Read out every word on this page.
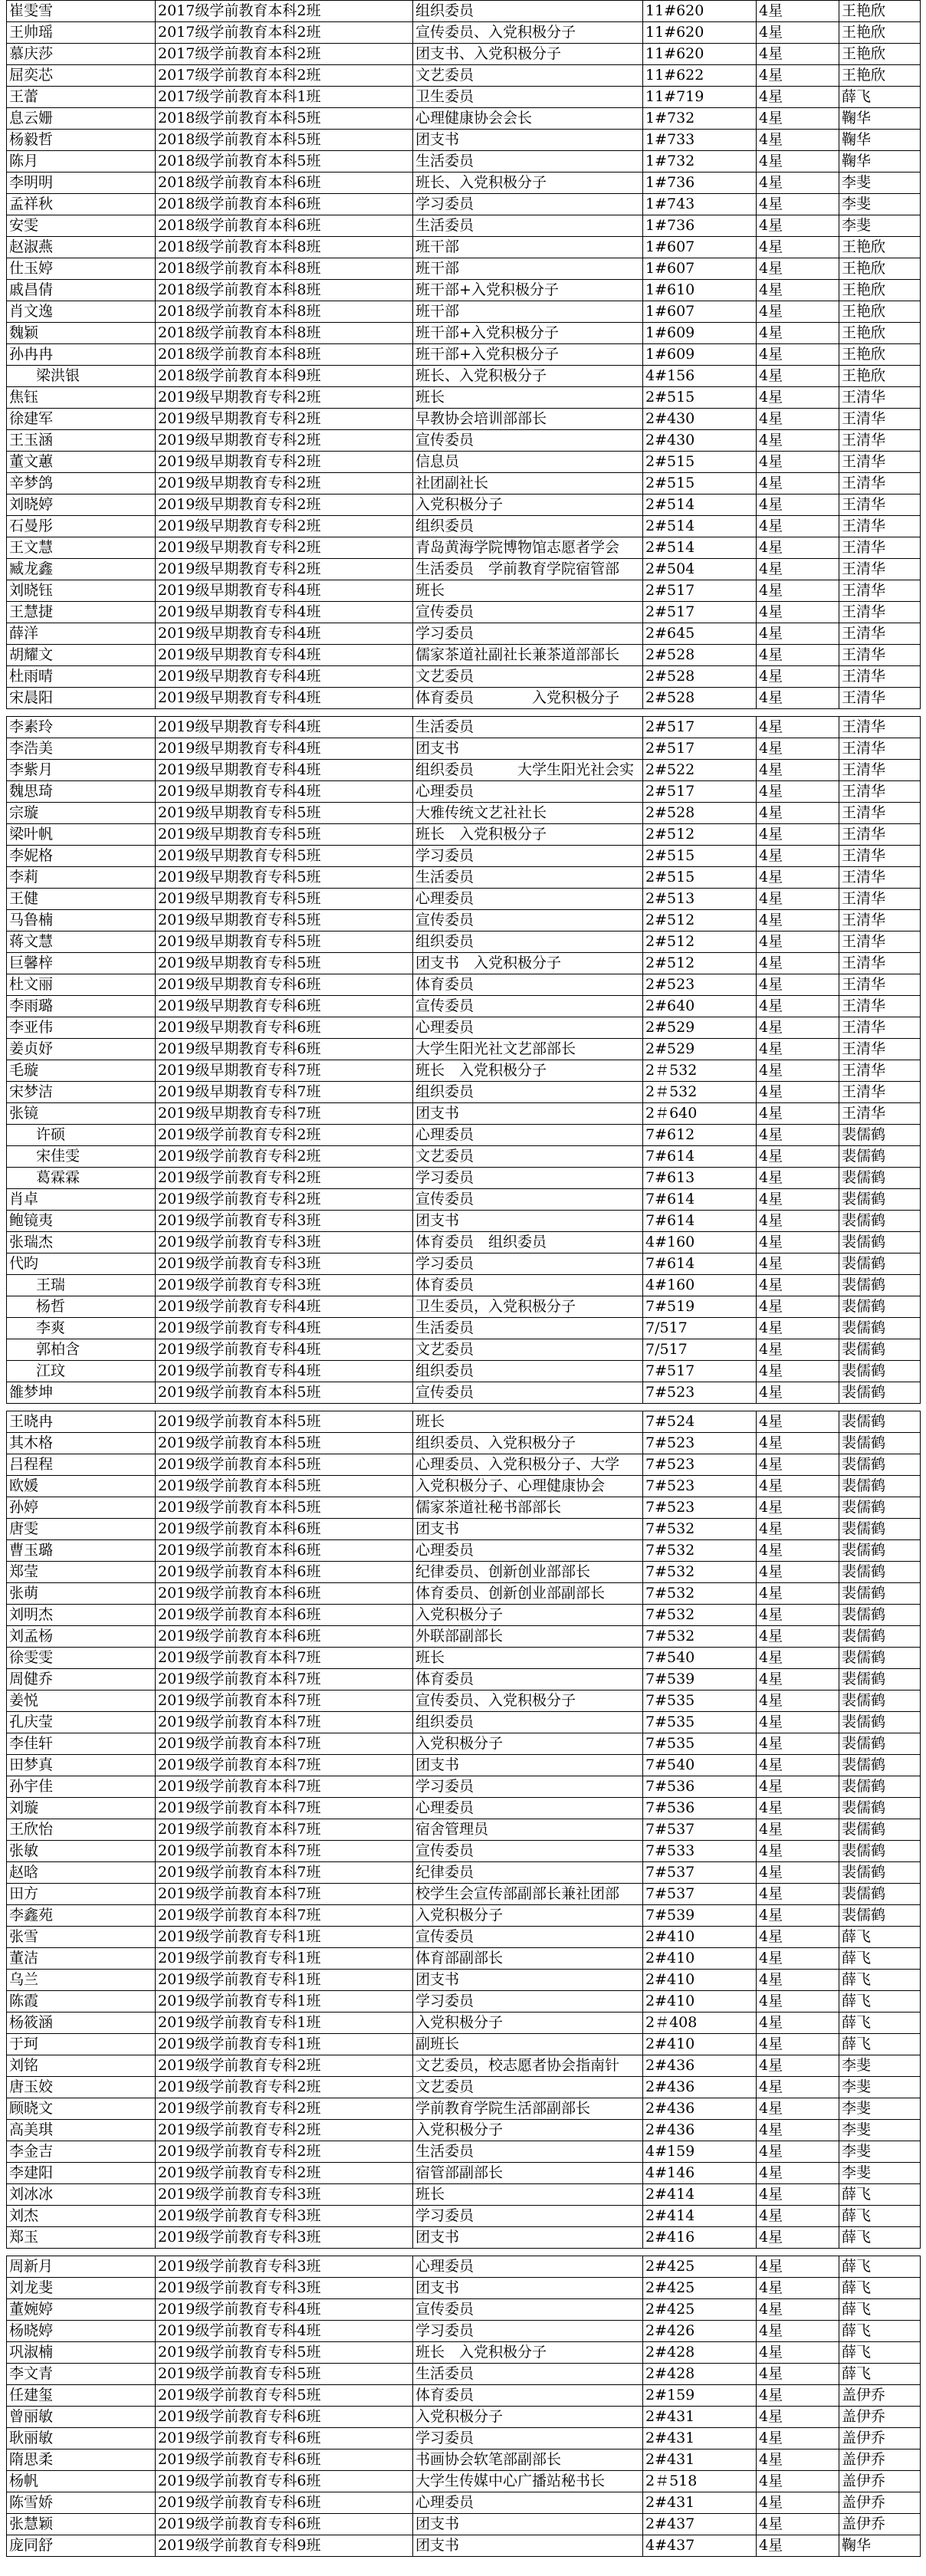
崔雯雪	2017级学前教育本科2班	组织委员	11#620	4星	王艳欣
王帅瑶	2017级学前教育本科2班	宣传委员、入党积极分子	11#620	4星	王艳欣
慕庆莎	2017级学前教育本科2班	团支书、入党积极分子	11#620	4星	王艳欣
屈奕芯	2017级学前教育本科2班	文艺委员	11#622	4星	王艳欣
王蕾	2017级学前教育本科1班	卫生委员	11#719	4星	薛飞
息云姗	2018级学前教育本科5班	心理健康协会会长	1#732	4星	鞠华
杨毅哲	2018级学前教育本科5班	团支书	1#733	4星	鞠华
陈月	2018级学前教育本科5班	生活委员	1#732	4星	鞠华
李明明	2018级学前教育本科6班	班长、入党积极分子	1#736	4星	李斐
孟祥秋	2018级学前教育本科6班	学习委员	1#743	4星	李斐
安雯	2018级学前教育本科6班	生活委员	1#736	4星	李斐
赵淑燕	2018级学前教育本科8班	班干部	1#607	4星	王艳欣
仕玉婷	2018级学前教育本科8班	班干部	1#607	4星	王艳欣
戚昌倩	2018级学前教育本科8班	班干部+入党积极分子	1#610	4星	王艳欣
肖文逸	2018级学前教育本科8班	班干部	1#607	4星	王艳欣
魏颖	2018级学前教育本科8班	班干部+入党积极分子	1#609	4星	王艳欣
孙冉冉	2018级学前教育本科8班	班干部+入党积极分子	1#609	4星	王艳欣
梁洪银	2018级学前教育本科9班	班长、入党积极分子	4#156	4星	王艳欣
焦钰	2019级早期教育专科2班	班长	2#515	4星	王清华
徐建军	2019级早期教育专科2班	早教协会培训部部长	2#430	4星	王清华
王玉涵	2019级早期教育专科2班	宣传委员	2#430	4星	王清华
董文蕙	2019级早期教育专科2班	信息员	2#515	4星	王清华
辛梦鸽	2019级早期教育专科2班	社团副社长	2#515	4星	王清华
刘晓婷	2019级早期教育专科2班	入党积极分子	2#514	4星	王清华
石曼彤	2019级早期教育专科2班	组织委员	2#514	4星	王清华
王文慧	2019级早期教育专科2班	青岛黄海学院博物馆志愿者学会	2#514	4星	王清华
臧龙鑫	2019级早期教育专科2班	生活委员　学前教育学院宿管部	2#504	4星	王清华
刘晓钰	2019级早期教育专科4班	班长	2#517	4星	王清华
王慧捷	2019级早期教育专科4班	宣传委员	2#517	4星	王清华
薛洋	2019级早期教育专科4班	学习委员	2#645	4星	王清华
胡耀文	2019级早期教育专科4班	儒家茶道社副社长兼茶道部部长	2#528	4星	王清华
杜雨晴	2019级早期教育专科4班	文艺委员	2#528	4星	王清华
宋晨阳	2019级早期教育专科4班	体育委员　　　　入党积极分子	2#528	4星	王清华

李素玲	2019级早期教育专科4班	生活委员	2#517	4星	王清华
李浩美	2019级早期教育专科4班	团支书	2#517	4星	王清华
李紫月	2019级早期教育专科4班	组织委员　　　大学生阳光社会实	2#522	4星	王清华
魏思琦	2019级早期教育专科4班	心理委员	2#517	4星	王清华
宗璇	2019级早期教育专科5班	大雅传统文艺社社长	2#528	4星	王清华
梁叶帆	2019级早期教育专科5班	班长　入党积极分子	2#512	4星	王清华
李妮格	2019级早期教育专科5班	学习委员	2#515	4星	王清华
李莉	2019级早期教育专科5班	生活委员	2#515	4星	王清华
王健	2019级早期教育专科5班	心理委员	2#513	4星	王清华
马鲁楠	2019级早期教育专科5班	宣传委员	2#512	4星	王清华
蒋文慧	2019级早期教育专科5班	组织委员	2#512	4星	王清华
巨馨梓	2019级早期教育专科5班	团支书　入党积极分子	2#512	4星	王清华
杜文丽	2019级早期教育专科6班	体育委员	2#523	4星	王清华
李雨璐	2019级早期教育专科6班	宣传委员	2#640	4星	王清华
李亚伟	2019级早期教育专科6班	心理委员	2#529	4星	王清华
姜贞妤	2019级早期教育专科6班	大学生阳光社文艺部部长	2#529	4星	王清华
毛璇	2019级早期教育专科7班	班长　入党积极分子	2＃532	4星	王清华
宋梦洁	2019级早期教育专科7班	组织委员	2＃532	4星	王清华
张镜	2019级早期教育专科7班	团支书	2＃640	4星	王清华
许硕	2019级学前教育专科2班	心理委员	7#612	4星	裴儒鹤
宋佳雯	2019级学前教育专科2班	文艺委员	7#614	4星	裴儒鹤
葛霖霖	2019级学前教育专科2班	学习委员	7#613	4星	裴儒鹤
肖卓	2019级学前教育专科2班	宣传委员	7#614	4星	裴儒鹤
鲍镜夷	2019级学前教育专科3班	团支书	7#614	4星	裴儒鹤
张瑞杰	2019级学前教育专科3班	体育委员　组织委员	4#160	4星	裴儒鹤
代昀	2019级学前教育专科3班	学习委员	7#614	4星	裴儒鹤
王瑞	2019级学前教育专科3班	体育委员	4#160	4星	裴儒鹤
杨哲	2019级学前教育专科4班	卫生委员，入党积极分子	7#519	4星	裴儒鹤
李爽	2019级学前教育专科4班	生活委员	7/517	4星	裴儒鹤
郭柏含	2019级学前教育专科4班	文艺委员	7/517	4星	裴儒鹤
江玟	2019级学前教育专科4班	组织委员	7#517	4星	裴儒鹤
雒梦坤	2019级学前教育本科5班	宣传委员	7#523	4星	裴儒鹤

王晓冉	2019级学前教育本科5班	班长	7#524	4星	裴儒鹤
其木格	2019级学前教育本科5班	组织委员、入党积极分子	7#523	4星	裴儒鹤
吕程程	2019级学前教育本科5班	心理委员、入党积极分子、大学	7#523	4星	裴儒鹤
欧媛	2019级学前教育本科5班	入党积极分子、心理健康协会	7#523	4星	裴儒鹤
孙婷	2019级学前教育本科5班	儒家茶道社秘书部部长	7#523	4星	裴儒鹤
唐雯	2019级学前教育本科6班	团支书	7#532	4星	裴儒鹤
曹玉璐	2019级学前教育本科6班	心理委员	7#532	4星	裴儒鹤
郑莹	2019级学前教育本科6班	纪律委员、创新创业部部长	7#532	4星	裴儒鹤
张萌	2019级学前教育本科6班	体育委员、创新创业部副部长	7#532	4星	裴儒鹤
刘明杰	2019级学前教育本科6班	入党积极分子	7#532	4星	裴儒鹤
刘孟杨	2019级学前教育本科6班	外联部副部长	7#532	4星	裴儒鹤
徐雯雯	2019级学前教育本科7班	班长	7#540	4星	裴儒鹤
周健乔	2019级学前教育本科7班	体育委员	7#539	4星	裴儒鹤
姜悦	2019级学前教育本科7班	宣传委员、入党积极分子	7#535	4星	裴儒鹤
孔庆莹	2019级学前教育本科7班	组织委员	7#535	4星	裴儒鹤
李佳轩	2019级学前教育本科7班	入党积极分子	7#535	4星	裴儒鹤
田梦真	2019级学前教育本科7班	团支书	7#540	4星	裴儒鹤
孙宇佳	2019级学前教育本科7班	学习委员	7#536	4星	裴儒鹤
刘璇	2019级学前教育本科7班	心理委员	7#536	4星	裴儒鹤
王欣怡	2019级学前教育本科7班	宿舍管理员	7#537	4星	裴儒鹤
张敏	2019级学前教育本科7班	宣传委员	7#533	4星	裴儒鹤
赵晗	2019级学前教育本科7班	纪律委员	7#537	4星	裴儒鹤
田方	2019级学前教育本科7班	校学生会宣传部副部长兼社团部	7#537	4星	裴儒鹤
李鑫苑	2019级学前教育本科7班	入党积极分子	7#539	4星	裴儒鹤
张雪	2019级学前教育专科1班	宣传委员	2#410	4星	薛飞
董洁	2019级学前教育专科1班	体育部副部长	2#410	4星	薛飞
乌兰	2019级学前教育专科1班	团支书	2#410	4星	薛飞
陈霞	2019级学前教育专科1班	学习委员	2#410	4星	薛飞
杨筱涵	2019级学前教育专科1班	入党积极分子	2＃408	4星	薛飞
于珂	2019级学前教育专科1班	副班长	2#410	4星	薛飞
刘铭	2019级学前教育专科2班	文艺委员，校志愿者协会指南针	2#436	4星	李斐
唐玉姣	2019级学前教育专科2班	文艺委员	2#436	4星	李斐
顾晓文	2019级学前教育专科2班	学前教育学院生活部副部长	2#436	4星	李斐
高美琪	2019级学前教育专科2班	入党积极分子	2#436	4星	李斐
李金吉	2019级学前教育专科2班	生活委员	4#159	4星	李斐
李建阳	2019级学前教育专科2班	宿管部副部长	4#146	4星	李斐
刘冰冰	2019级学前教育专科3班	班长	2#414	4星	薛飞
刘杰	2019级学前教育专科3班	学习委员	2#414	4星	薛飞
郑玉	2019级学前教育专科3班	团支书	2#416	4星	薛飞

周新月	2019级学前教育专科3班	心理委员	2#425	4星	薛飞
刘龙斐	2019级学前教育专科3班	团支书	2#425	4星	薛飞
董婉婷	2019级学前教育专科4班	宣传委员	2#425	4星	薛飞
杨晓婷	2019级学前教育专科4班	学习委员	2#426	4星	薛飞
巩淑楠	2019级学前教育专科5班	班长　入党积极分子	2#428	4星	薛飞
李文青	2019级学前教育专科5班	生活委员	2#428	4星	薛飞
任建玺	2019级学前教育专科5班	体育委员	2#159	4星	盖伊乔
曾丽敏	2019级学前教育专科6班	入党积极分子	2#431	4星	盖伊乔
耿丽敏	2019级学前教育专科6班	学习委员	2#431	4星	盖伊乔
隋思柔	2019级学前教育专科6班	书画协会软笔部副部长	2#431	4星	盖伊乔
杨帆	2019级学前教育专科6班	大学生传媒中心广播站秘书长	2＃518	4星	盖伊乔
陈雪娇	2019级学前教育专科6班	心理委员	2#431	4星	盖伊乔
张慧颖	2019级学前教育专科6班	团支书	2#437	4星	盖伊乔
庞同舒	2019级学前教育专科9班	团支书	4#437	4星	鞠华
